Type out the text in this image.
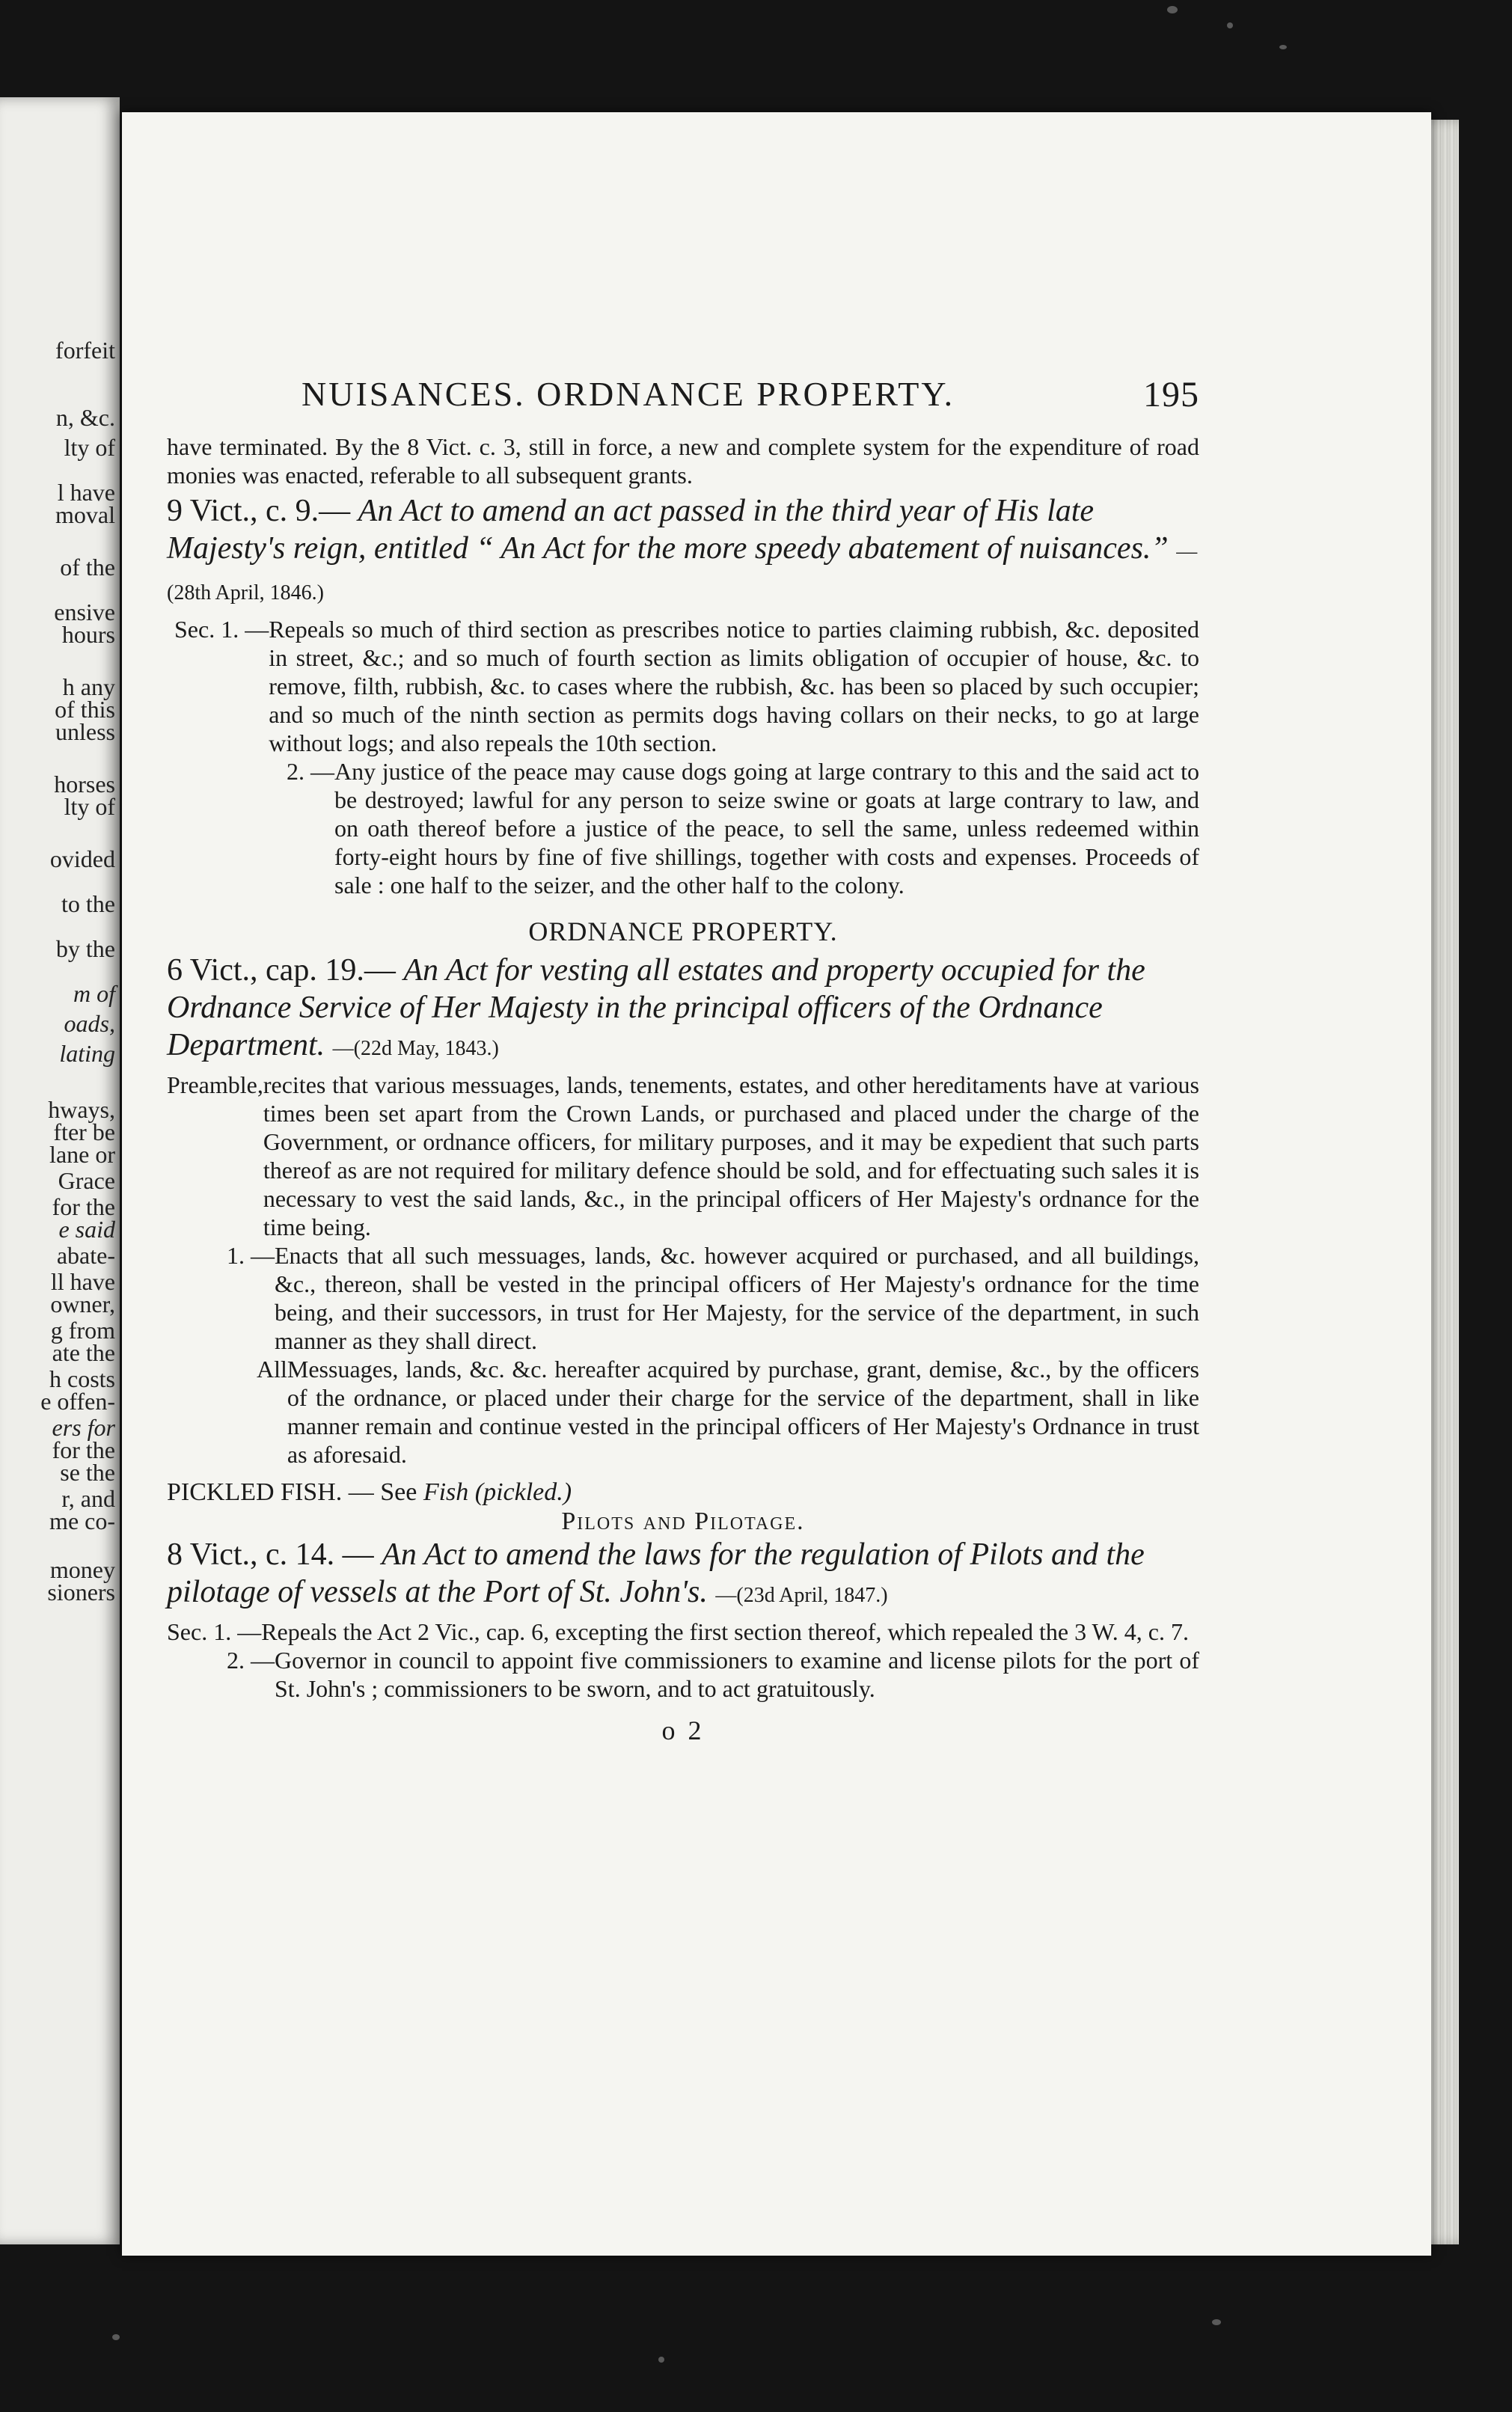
forfeit
n, &c.
lty of
l have
moval
of the
ensive
hours
h any
of this
unless
horses
lty of
ovided
to the
by the
m of
oads,
lating
hways,
fter be
lane or
Grace
for the
e said
abate-
ll have
owner,
g from
ate the
h costs
e offen-
ers for
for the
se the
r, and
me co-
money
sioners
NUISANCES. ORDNANCE PROPERTY.	195

have terminated. By the 8 Vict. c. 3, still in force, a new and complete system for the expenditure of road monies was enacted, referable to all subsequent grants.

9 Vict., c. 9.— An Act to amend an act passed in the third year of His late Majesty's reign, entitled “ An Act for the more speedy abatement of nuisances.” — (28th April, 1846.)

Sec. 1. — Repeals so much of third section as prescribes notice to parties claiming rubbish, &c. deposited in street, &c.; and so much of fourth section as limits obligation of occupier of house, &c. to remove, filth, rubbish, &c. to cases where the rubbish, &c. has been so placed by such occupier; and so much of the ninth section as permits dogs having collars on their necks, to go at large without logs; and also repeals the 10th section.
2. — Any justice of the peace may cause dogs going at large contrary to this and the said act to be destroyed; lawful for any person to seize swine or goats at large contrary to law, and on oath thereof before a justice of the peace, to sell the same, unless redeemed within forty-eight hours by fine of five shillings, together with costs and expenses. Proceeds of sale : one half to the seizer, and the other half to the colony.
ORDNANCE PROPERTY.

6 Vict., cap. 19.— An Act for vesting all estates and property occupied for the Ordnance Service of Her Majesty in the principal officers of the Ordnance Department. —(22d May, 1843.)

Preamble, recites that various messuages, lands, tenements, estates, and other hereditaments have at various times been set apart from the Crown Lands, or purchased and placed under the charge of the Government, or ordnance officers, for military purposes, and it may be expedient that such parts thereof as are not required for military defence should be sold, and for effectuating such sales it is necessary to vest the said lands, &c., in the principal officers of Her Majesty's ordnance for the time being.
1. — Enacts that all such messuages, lands, &c. however acquired or purchased, and all buildings, &c., thereon, shall be vested in the principal officers of Her Majesty's ordnance for the time being, and their successors, in trust for Her Majesty, for the service of the department, in such manner as they shall direct.
All Messuages, lands, &c. &c. hereafter acquired by purchase, grant, demise, &c., by the officers of the ordnance, or placed under their charge for the service of the department, shall in like manner remain and continue vested in the principal officers of Her Majesty's Ordnance in trust as aforesaid.

PICKLED FISH. — See Fish (pickled.)

Pilots and Pilotage.

8 Vict., c. 14. — An Act to amend the laws for the regulation of Pilots and the pilotage of vessels at the Port of St. John's. —(23d April, 1847.)

Sec. 1. — Repeals the Act 2 Vic., cap. 6, excepting the first section thereof, which repealed the 3 W. 4, c. 7.
2. — Governor in council to appoint five commissioners to examine and license pilots for the port of St. John's ; commissioners to be sworn, and to act gratuitously.
o 2
